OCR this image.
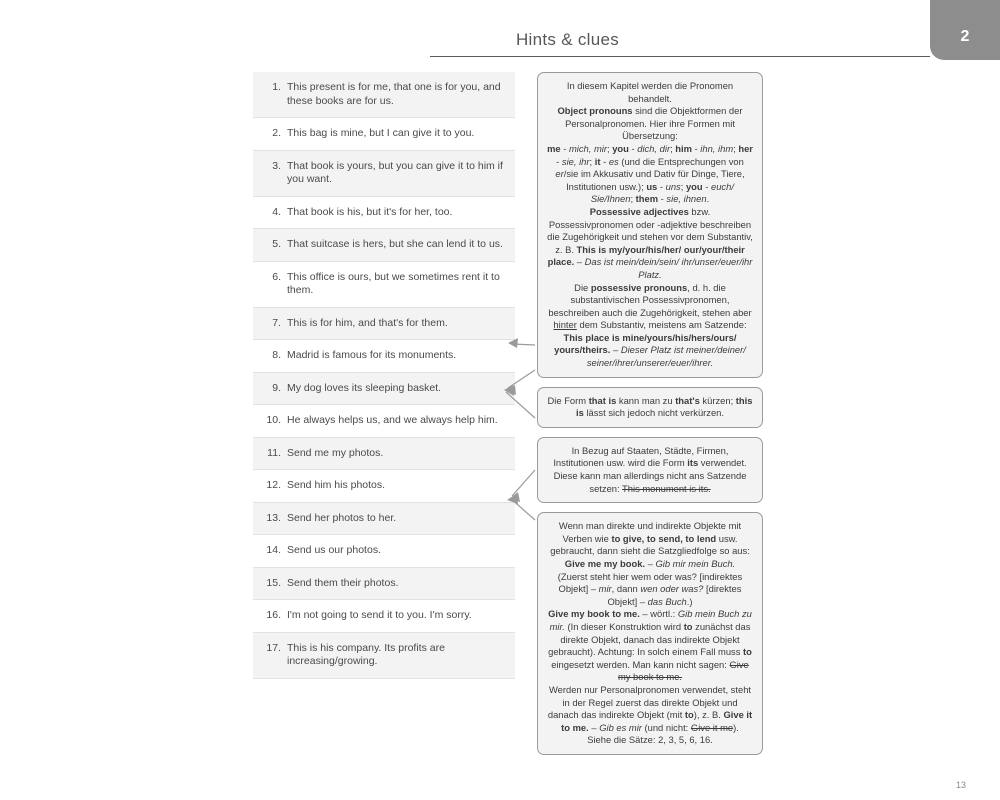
Hints & clues	2
1. This present is for me, that one is for you, and these books are for us.
2. This bag is mine, but I can give it to you.
3. That book is yours, but you can give it to him if you want.
4. That book is his, but it's for her, too.
5. That suitcase is hers, but she can lend it to us.
6. This office is ours, but we sometimes rent it to them.
7. This is for him, and that's for them.
8. Madrid is famous for its monuments.
9. My dog loves its sleeping basket.
10. He always helps us, and we always help him.
11. Send me my photos.
12. Send him his photos.
13. Send her photos to her.
14. Send us our photos.
15. Send them their photos.
16. I'm not going to send it to you. I'm sorry.
17. This is his company. Its profits are increasing/growing.
In diesem Kapitel werden die Pronomen behandelt.
Object pronouns sind die Objektformen der Personalpronomen. Hier ihre Formen mit Übersetzung:
me - mich, mir; you - dich, dir; him - ihn, ihm; her - sie, ihr; it - es (und die Entsprechungen von er/sie im Akkusativ und Dativ für Dinge, Tiere, Institutionen usw.); us - uns; you - euch/ Sie/Ihnen; them - sie, ihnen.
Possessive adjectives bzw. Possessivpronomen oder -adjektive beschreiben die Zugehörigkeit und stehen vor dem Substantiv, z. B. This is my/your/his/her/ our/your/their place. – Das ist mein/dein/sein/ ihr/unser/euer/ihr Platz.
Die possessive pronouns, d. h. die substantivischen Possessivpronomen, beschreiben auch die Zugehörigkeit, stehen aber hinter dem Substantiv, meistens am Satzende:
This place is mine/yours/his/hers/ours/ yours/theirs. – Dieser Platz ist meiner/deiner/ seiner/ihrer/unserer/euer/ihrer.
Die Form that is kann man zu that's kürzen; this is lässt sich jedoch nicht verkürzen.
In Bezug auf Staaten, Städte, Firmen, Institutionen usw. wird die Form its verwendet. Diese kann man allerdings nicht ans Satzende setzen: This monument is its.
Wenn man direkte und indirekte Objekte mit Verben wie to give, to send, to lend usw. gebraucht, dann sieht die Satzgliedfolge so aus:
Give me my book. – Gib mir mein Buch.
(Zuerst steht hier wem oder was? [indirektes Objekt] – mir, dann wen oder was? [direktes Objekt] – das Buch.)
Give my book to me. – wörtl.: Gib mein Buch zu mir. (In dieser Konstruktion wird to zunächst das direkte Objekt, danach das indirekte Objekt gebraucht). Achtung: In solch einem Fall muss to eingesetzt werden. Man kann nicht sagen: Give my book to me.
Werden nur Personalpronomen verwendet, steht in der Regel zuerst das direkte Objekt und danach das indirekte Objekt (mit to), z. B. Give it to me. – Gib es mir (und nicht: Give it me).
Siehe die Sätze: 2, 3, 5, 6, 16.
13
